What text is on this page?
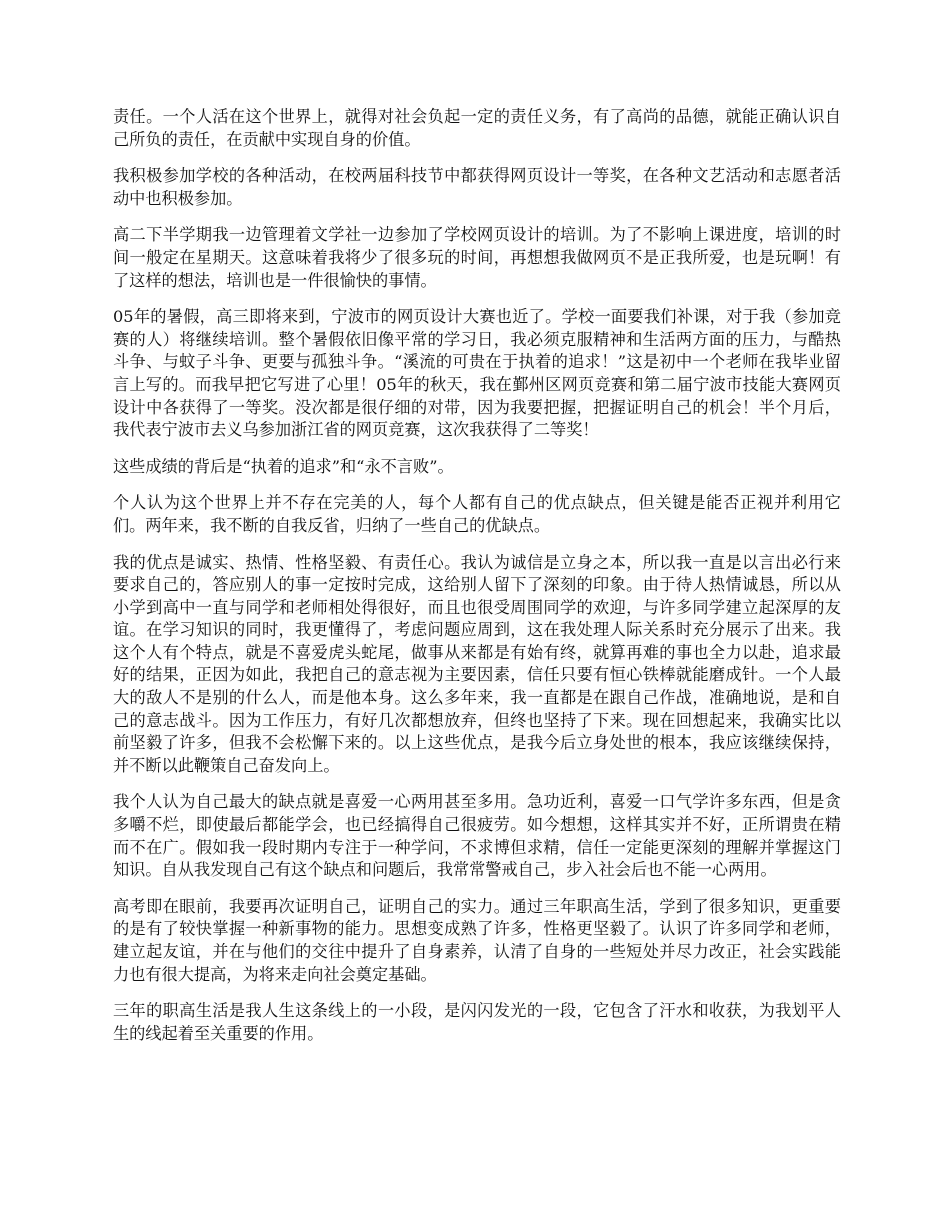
责任。一个人活在这个世界上，就得对社会负起一定的责任义务，有了高尚的品德，就能正确认识自己所负的责任，在贡献中实现自身的价值。

我积极参加学校的各种活动，在校两届科技节中都获得网页设计一等奖，在各种文艺活动和志愿者活动中也积极参加。

高二下半学期我一边管理着文学社一边参加了学校网页设计的培训。为了不影响上课进度，培训的时间一般定在星期天。这意味着我将少了很多玩的时间，再想想我做网页不是正我所爱，也是玩啊！有了这样的想法，培训也是一件很愉快的事情。

05年的暑假，高三即将来到，宁波市的网页设计大赛也近了。学校一面要我们补课，对于我（参加竞赛的人）将继续培训。整个暑假依旧像平常的学习日，我必须克服精神和生活两方面的压力，与酷热斗争、与蚊子斗争、更要与孤独斗争。“溪流的可贵在于执着的追求！”这是初中一个老师在我毕业留言上写的。而我早把它写进了心里！05年的秋天，我在鄞州区网页竞赛和第二届宁波市技能大赛网页设计中各获得了一等奖。没次都是很仔细的对带，因为我要把握，把握证明自己的机会！半个月后，我代表宁波市去义乌参加浙江省的网页竞赛，这次我获得了二等奖！

这些成绩的背后是“执着的追求”和“永不言败”。

个人认为这个世界上并不存在完美的人，每个人都有自己的优点缺点，但关键是能否正视并利用它们。两年来，我不断的自我反省，归纳了一些自己的优缺点。

我的优点是诚实、热情、性格坚毅、有责任心。我认为诚信是立身之本，所以我一直是以言出必行来要求自己的，答应别人的事一定按时完成，这给别人留下了深刻的印象。由于待人热情诚恳，所以从小学到高中一直与同学和老师相处得很好，而且也很受周围同学的欢迎，与许多同学建立起深厚的友谊。在学习知识的同时，我更懂得了，考虑问题应周到，这在我处理人际关系时充分展示了出来。我这个人有个特点，就是不喜爱虎头蛇尾，做事从来都是有始有终，就算再难的事也全力以赴，追求最好的结果，正因为如此，我把自己的意志视为主要因素，信任只要有恒心铁棒就能磨成针。一个人最大的敌人不是别的什么人，而是他本身。这么多年来，我一直都是在跟自己作战，准确地说，是和自己的意志战斗。因为工作压力，有好几次都想放弃，但终也坚持了下来。现在回想起来，我确实比以前坚毅了许多，但我不会松懈下来的。以上这些优点，是我今后立身处世的根本，我应该继续保持，并不断以此鞭策自己奋发向上。

我个人认为自己最大的缺点就是喜爱一心两用甚至多用。急功近利，喜爱一口气学许多东西，但是贪多嚼不烂，即使最后都能学会，也已经搞得自己很疲劳。如今想想，这样其实并不好，正所谓贵在精而不在广。假如我一段时期内专注于一种学问，不求博但求精，信任一定能更深刻的理解并掌握这门知识。自从我发现自己有这个缺点和问题后，我常常警戒自己，步入社会后也不能一心两用。

高考即在眼前，我要再次证明自己，证明自己的实力。通过三年职高生活，学到了很多知识，更重要的是有了较快掌握一种新事物的能力。思想变成熟了许多，性格更坚毅了。认识了许多同学和老师，建立起友谊，并在与他们的交往中提升了自身素养，认清了自身的一些短处并尽力改正，社会实践能力也有很大提高，为将来走向社会奠定基础。

三年的职高生活是我人生这条线上的一小段，是闪闪发光的一段，它包含了汗水和收获，为我划平人生的线起着至关重要的作用。
